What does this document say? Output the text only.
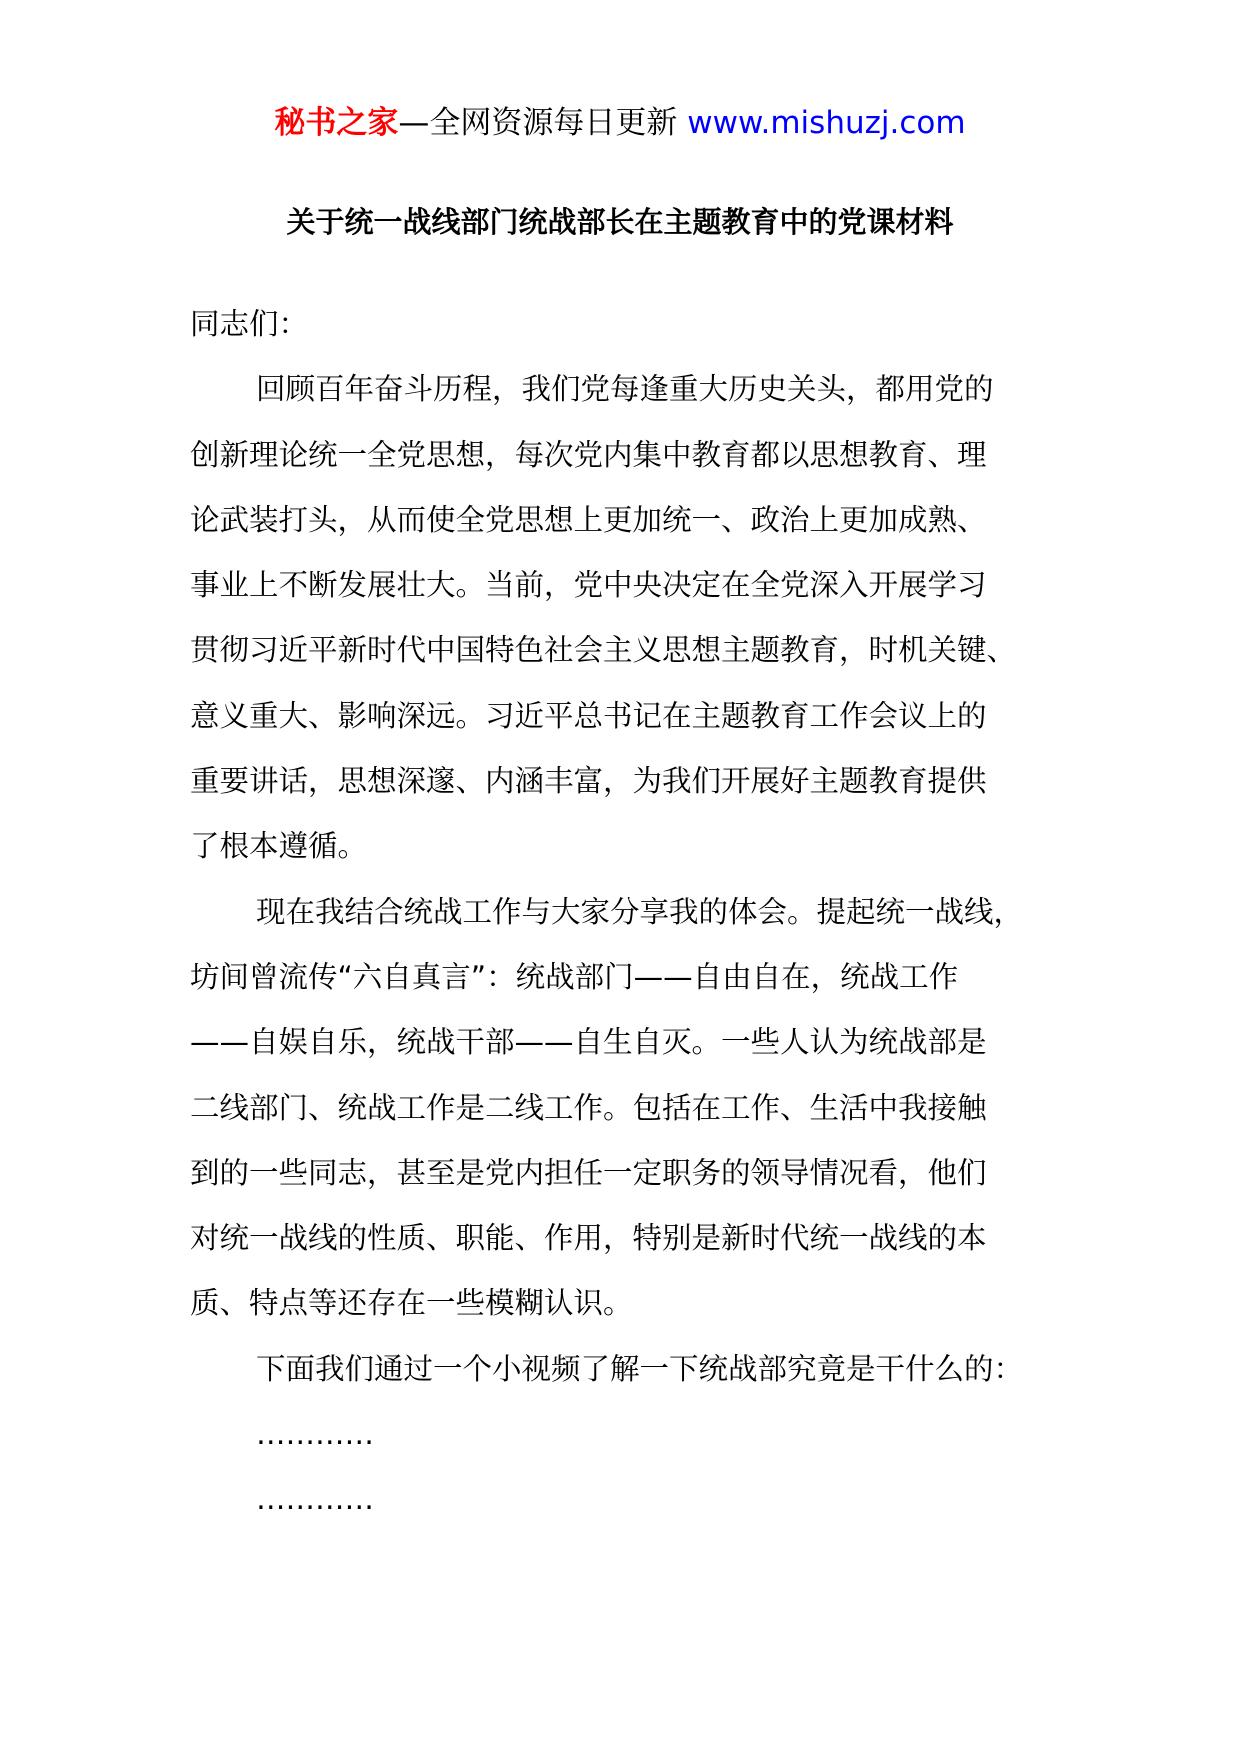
秘书之家—全网资源每日更新 www.mishuzj.com
关于统一战线部门统战部长在主题教育中的党课材料

同志们：

回顾百年奋斗历程，我们党每逢重大历史关头，都用党的

创新理论统一全党思想，每次党内集中教育都以思想教育、理

论武装打头，从而使全党思想上更加统一、政治上更加成熟、

事业上不断发展壮大。当前，党中央决定在全党深入开展学习

贯彻习近平新时代中国特色社会主义思想主题教育，时机关键、

意义重大、影响深远。习近平总书记在主题教育工作会议上的

重要讲话，思想深邃、内涵丰富，为我们开展好主题教育提供

了根本遵循。

现在我结合统战工作与大家分享我的体会。提起统一战线，

坊间曾流传“六自真言”：统战部门——自由自在，统战工作

——自娱自乐，统战干部——自生自灭。一些人认为统战部是

二线部门、统战工作是二线工作。包括在工作、生活中我接触

到的一些同志，甚至是党内担任一定职务的领导情况看，他们

对统一战线的性质、职能、作用，特别是新时代统一战线的本

质、特点等还存在一些模糊认识。

下面我们通过一个小视频了解一下统战部究竟是干什么的：

…………

…………
